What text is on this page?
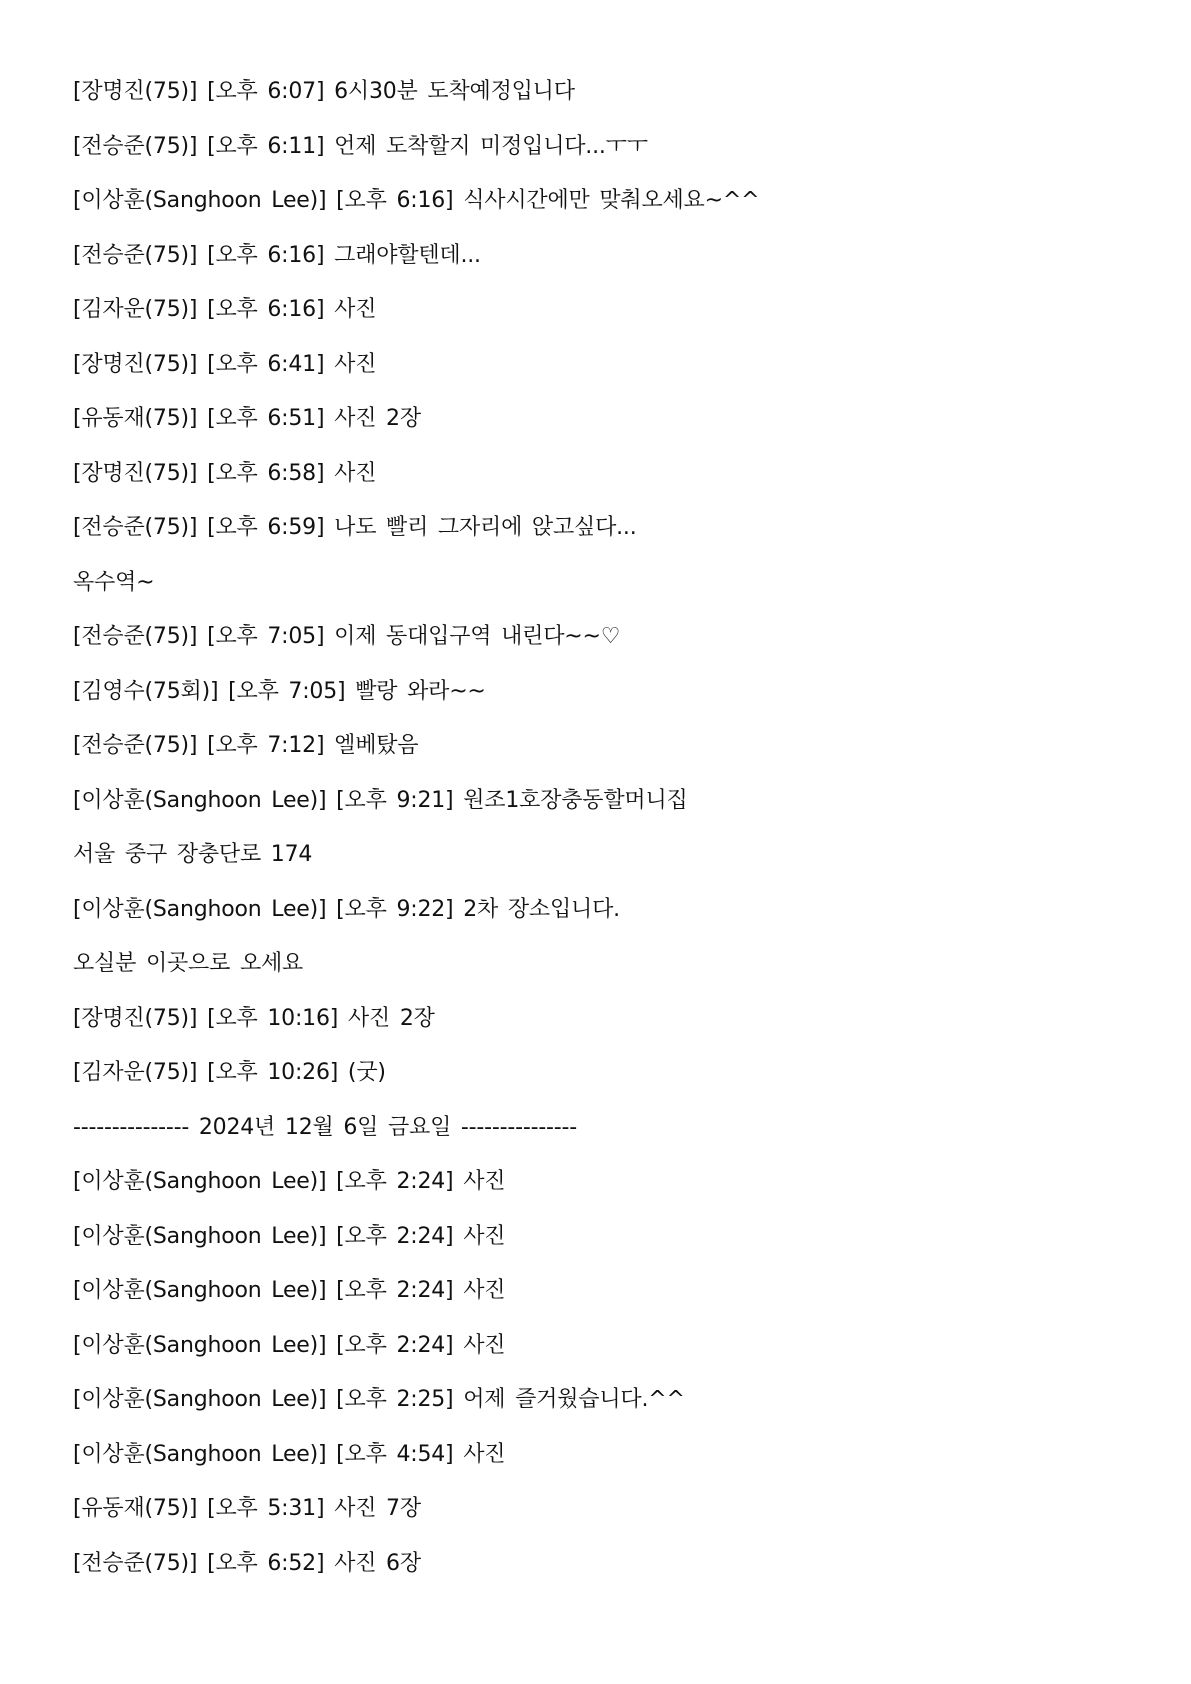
[장명진(75)] [오후 6:07] 6시30분 도착예정입니다
[전승준(75)] [오후 6:11] 언제 도착할지 미정입니다...ㅜㅜ
[이상훈(Sanghoon Lee)] [오후 6:16] 식사시간에만 맞춰오세요~^^
[전승준(75)] [오후 6:16] 그래야할텐데...
[김자운(75)] [오후 6:16] 사진
[장명진(75)] [오후 6:41] 사진
[유동재(75)] [오후 6:51] 사진 2장
[장명진(75)] [오후 6:58] 사진
[전승준(75)] [오후 6:59] 나도 빨리 그자리에 앉고싶다...
옥수역~
[전승준(75)] [오후 7:05] 이제 동대입구역 내린다~~♡
[김영수(75회)] [오후 7:05] 빨랑 와라~~
[전승준(75)] [오후 7:12] 엘베탔음
[이상훈(Sanghoon Lee)] [오후 9:21] 원조1호장충동할머니집
서울 중구 장충단로 174
[이상훈(Sanghoon Lee)] [오후 9:22] 2차 장소입니다.
오실분 이곳으로 오세요
[장명진(75)] [오후 10:16] 사진 2장
[김자운(75)] [오후 10:26] (굿)
--------------- 2024년 12월 6일 금요일 ---------------
[이상훈(Sanghoon Lee)] [오후 2:24] 사진
[이상훈(Sanghoon Lee)] [오후 2:24] 사진
[이상훈(Sanghoon Lee)] [오후 2:24] 사진
[이상훈(Sanghoon Lee)] [오후 2:24] 사진
[이상훈(Sanghoon Lee)] [오후 2:25] 어제 즐거웠습니다.^^
[이상훈(Sanghoon Lee)] [오후 4:54] 사진
[유동재(75)] [오후 5:31] 사진 7장
[전승준(75)] [오후 6:52] 사진 6장
